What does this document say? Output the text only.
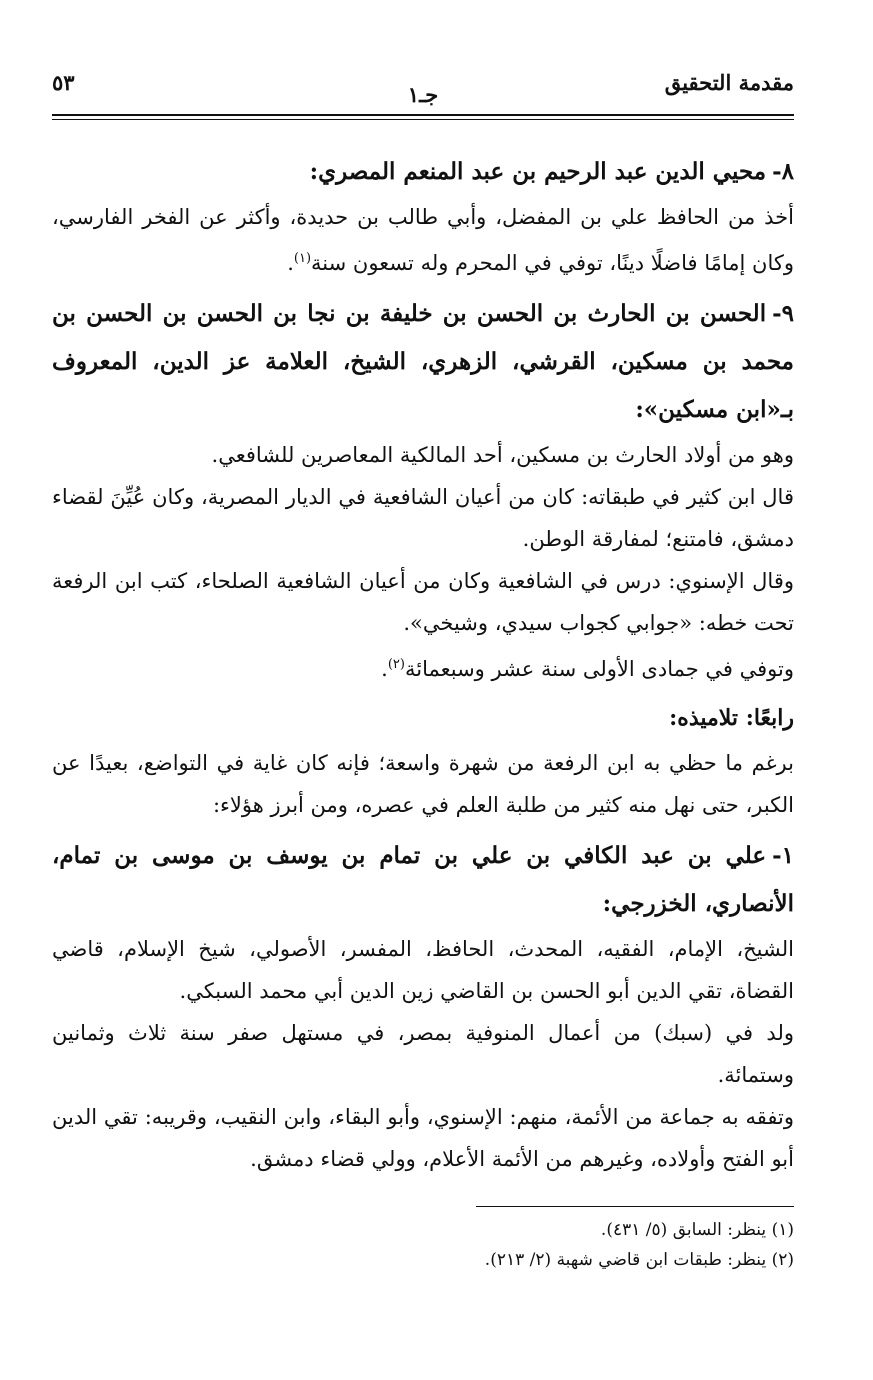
مقدمة التحقيق
جـ١
٥٣

٨-محيي الدين عبد الرحيم بن عبد المنعم المصري:

أخذ من الحافظ علي بن المفضل، وأبي طالب بن حديدة، وأكثر عن الفخر الفارسي، وكان إمامًا فاضلًا دينًا، توفي في المحرم وله تسعون سنة$^{(١)}$.

٩-الحسن بن الحارث بن الحسن بن خليفة بن نجا بن الحسن بن الحسن بن محمد بن مسكين، القرشي، الزهري، الشيخ، العلامة عز الدين، المعروف بـ«ابن مسكين»:

وهو من أولاد الحارث بن مسكين، أحد المالكية المعاصرين للشافعي.

قال ابن كثير في طبقاته: كان من أعيان الشافعية في الديار المصرية، وكان عُيِّنَ لقضاء دمشق، فامتنع؛ لمفارقة الوطن.

وقال الإسنوي: درس في الشافعية وكان من أعيان الشافعية الصلحاء، كتب ابن الرفعة تحت خطه: «جوابي كجواب سيدي، وشيخي».

وتوفي في جمادى الأولى سنة عشر وسبعمائة$^{(٢)}$.

رابعًا: تلاميذه:

برغم ما حظي به ابن الرفعة من شهرة واسعة؛ فإنه كان غاية في التواضع، بعيدًا عن الكبر، حتى نهل منه كثير من طلبة العلم في عصره، ومن أبرز هؤلاء:

١-علي بن عبد الكافي بن علي بن تمام بن يوسف بن موسى بن تمام، الأنصاري، الخزرجي:

الشيخ، الإمام، الفقيه، المحدث، الحافظ، المفسر، الأصولي، شيخ الإسلام، قاضي القضاة، تقي الدين أبو الحسن بن القاضي زين الدين أبي محمد السبكي.

ولد في (سبك) من أعمال المنوفية بمصر، في مستهل صفر سنة ثلاث وثمانين وستمائة.

وتفقه به جماعة من الأئمة، منهم: الإسنوي، وأبو البقاء، وابن النقيب، وقريبه: تقي الدين أبو الفتح وأولاده، وغيرهم من الأئمة الأعلام، وولي قضاء دمشق.

(١) ينظر: السابق (٥/ ٤٣١).

(٢) ينظر: طبقات ابن قاضي شهبة (٢/ ٢١٣).
